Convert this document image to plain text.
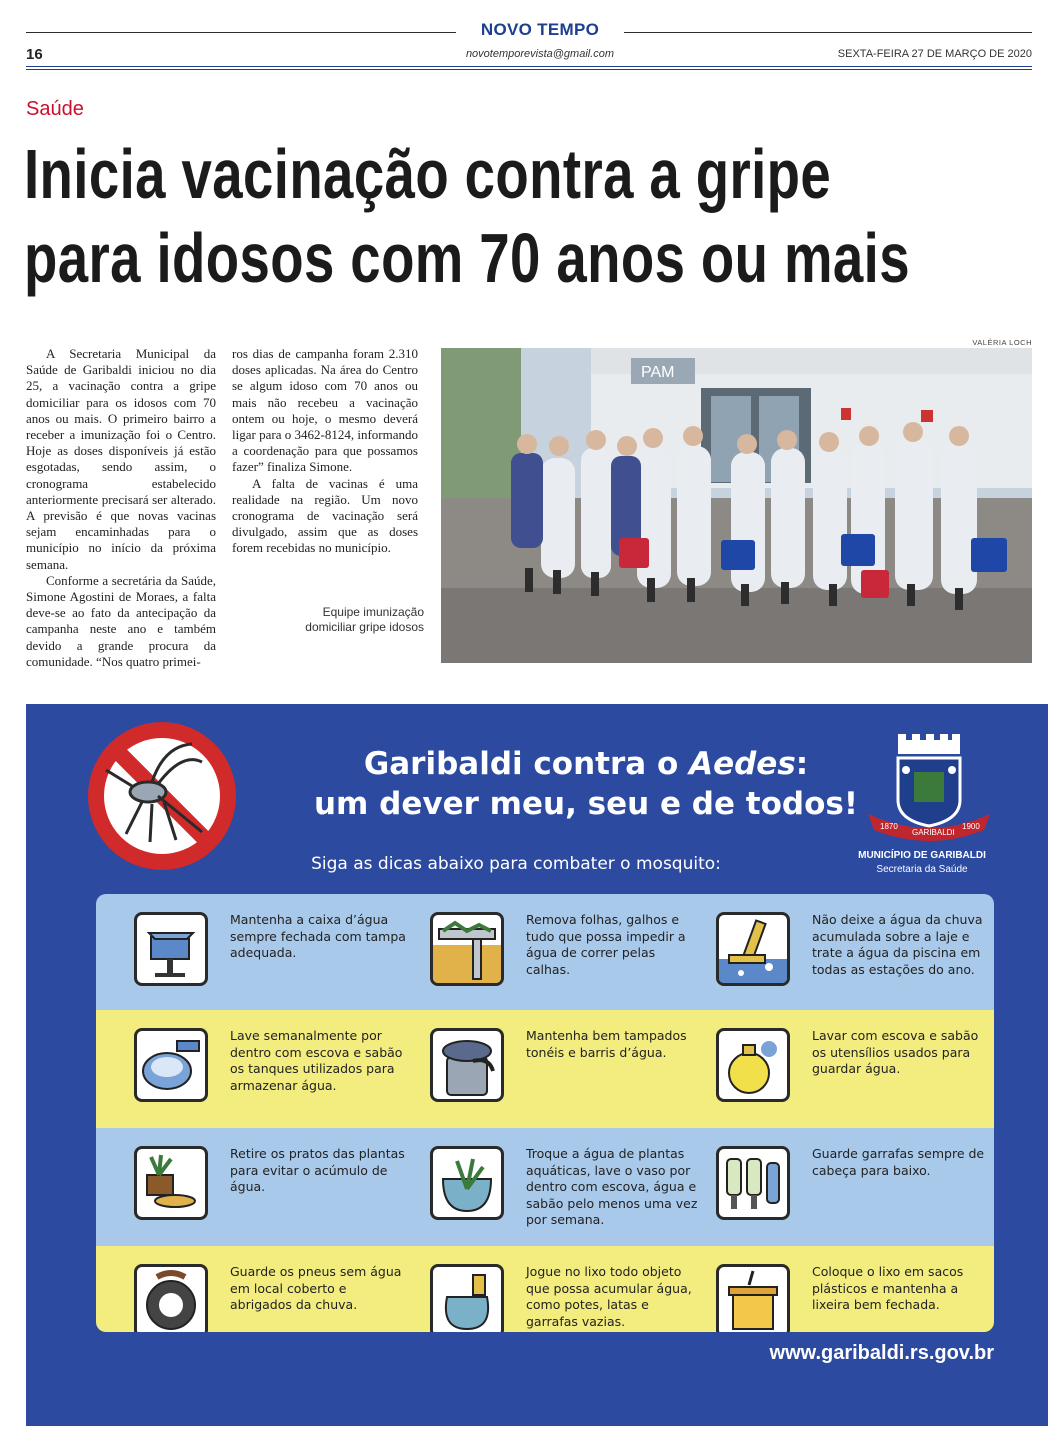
NOVO TEMPO
16	novotemporevista@gmail.com	SEXTA-FEIRA 27 DE MARÇO DE 2020
Saúde
Inicia vacinação contra a gripe
para idosos com 70 anos ou mais

A Secretaria Municipal da Saúde de Garibaldi iniciou no dia 25, a vacinação contra a gripe domiciliar para os idosos com 70 anos ou mais. O primeiro bairro a receber a imunização foi o Centro. Hoje as doses disponíveis já estão esgotadas, sendo assim, o cronograma estabelecido anteriormente precisará ser alterado. A previsão é que novas vacinas sejam encaminhadas para o município no início da próxima semana.

Conforme a secretária da Saúde, Simone Agostini de Moraes, a falta deve-se ao fato da antecipação da campanha neste ano e também devido a grande procura da comunidade. “Nos quatro primei-

ros dias de campanha foram 2.310 doses aplicadas. Na área do Centro se algum idoso com 70 anos ou mais não recebeu a vacinação ontem ou hoje, o mesmo deverá ligar para o 3462-8124, informando a coordenação para que possamos fazer” finaliza Simone.

A falta de vacinas é uma realidade na região. Um novo cronograma de vacinação será divulgado, assim que as doses forem recebidas no município.

VALÉRIA LOCH
PAM
Equipe imunização domiciliar gripe idosos
Garibaldi contra o Aedes:
um dever meu, seu e de todos!
1870
GARIBALDI
1900
MUNICÍPIO DE GARIBALDI
Secretaria da Saúde
Siga as dicas abaixo para combater o mosquito:
Mantenha a caixa d’água sempre fechada com tampa adequada.
Remova folhas, galhos e tudo que possa impedir a água de correr pelas calhas.
Não deixe a água da chuva acumulada sobre a laje e trate a água da piscina em todas as estações do ano.
Lave semanalmente por dentro com escova e sabão os tanques utilizados para armazenar água.
Mantenha bem tampados tonéis e barris d’água.
Lavar com escova e sabão os utensílios usados para guardar água.
Retire os pratos das plantas para evitar o acúmulo de água.
Troque a água de plantas aquáticas, lave o vaso por dentro com escova, água e sabão pelo menos uma vez por semana.
Guarde garrafas sempre de cabeça para baixo.
Guarde os pneus sem água em local coberto e abrigados da chuva.
Jogue no lixo todo objeto que possa acumular água, como potes, latas e garrafas vazias.
Coloque o lixo em sacos plásticos e mantenha a lixeira bem fechada.
www.garibaldi.rs.gov.br
